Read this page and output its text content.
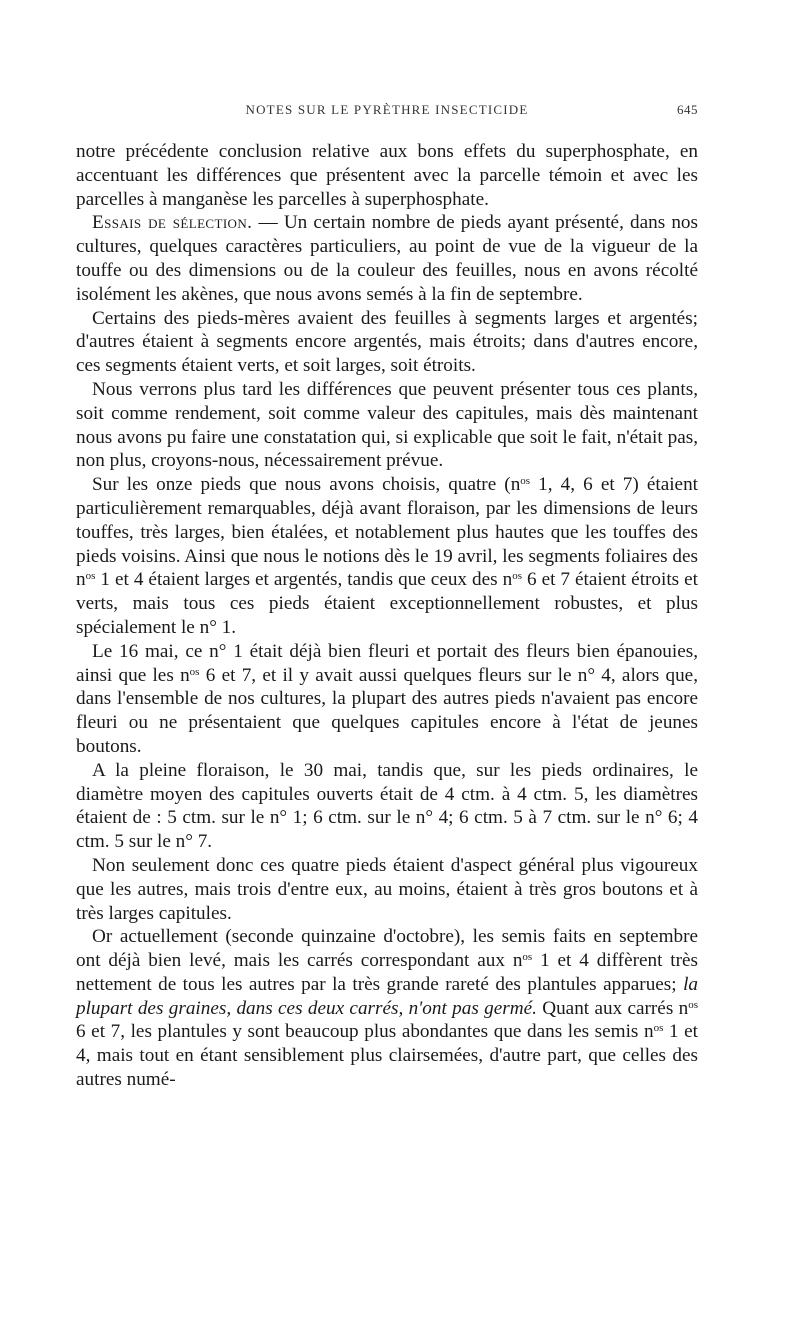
NOTES SUR LE PYRÈTHRE INSECTICIDE	645

notre précédente conclusion relative aux bons effets du superphosphate, en accentuant les différences que présentent avec la parcelle témoin et avec les parcelles à manganèse les parcelles à superphosphate.

Essais de sélection. — Un certain nombre de pieds ayant présenté, dans nos cultures, quelques caractères particuliers, au point de vue de la vigueur de la touffe ou des dimensions ou de la couleur des feuilles, nous en avons récolté isolément les akènes, que nous avons semés à la fin de septembre.

Certains des pieds-mères avaient des feuilles à segments larges et argentés; d'autres étaient à segments encore argentés, mais étroits; dans d'autres encore, ces segments étaient verts, et soit larges, soit étroits.

Nous verrons plus tard les différences que peuvent présenter tous ces plants, soit comme rendement, soit comme valeur des capitules, mais dès maintenant nous avons pu faire une constatation qui, si explicable que soit le fait, n'était pas, non plus, croyons-nous, nécessairement prévue.

Sur les onze pieds que nous avons choisis, quatre ($n^{os}$ 1, 4, 6 et 7) étaient particulièrement remarquables, déjà avant floraison, par les dimensions de leurs touffes, très larges, bien étalées, et notablement plus hautes que les touffes des pieds voisins. Ainsi que nous le notions dès le 19 avril, les segments foliaires des $n^{os}$ 1 et 4 étaient larges et argentés, tandis que ceux des $n^{os}$ 6 et 7 étaient étroits et verts, mais tous ces pieds étaient exceptionnellement robustes, et plus spécialement le n° 1.

Le 16 mai, ce n° 1 était déjà bien fleuri et portait des fleurs bien épanouies, ainsi que les $n^{os}$ 6 et 7, et il y avait aussi quelques fleurs sur le n° 4, alors que, dans l'ensemble de nos cultures, la plupart des autres pieds n'avaient pas encore fleuri ou ne présentaient que quelques capitules encore à l'état de jeunes boutons.

A la pleine floraison, le 30 mai, tandis que, sur les pieds ordinaires, le diamètre moyen des capitules ouverts était de 4 ctm. à 4 ctm. 5, les diamètres étaient de : 5 ctm. sur le n° 1; 6 ctm. sur le n° 4; 6 ctm. 5 à 7 ctm. sur le n° 6; 4 ctm. 5 sur le n° 7.

Non seulement donc ces quatre pieds étaient d'aspect général plus vigoureux que les autres, mais trois d'entre eux, au moins, étaient à très gros boutons et à très larges capitules.

Or actuellement (seconde quinzaine d'octobre), les semis faits en septembre ont déjà bien levé, mais les carrés correspondant aux $n^{os}$ 1 et 4 diffèrent très nettement de tous les autres par la très grande rareté des plantules apparues; la plupart des graines, dans ces deux carrés, n'ont pas germé. Quant aux carrés $n^{os}$ 6 et 7, les plantules y sont beaucoup plus abondantes que dans les semis $n^{os}$ 1 et 4, mais tout en étant sensiblement plus clairsemées, d'autre part, que celles des autres numé-
